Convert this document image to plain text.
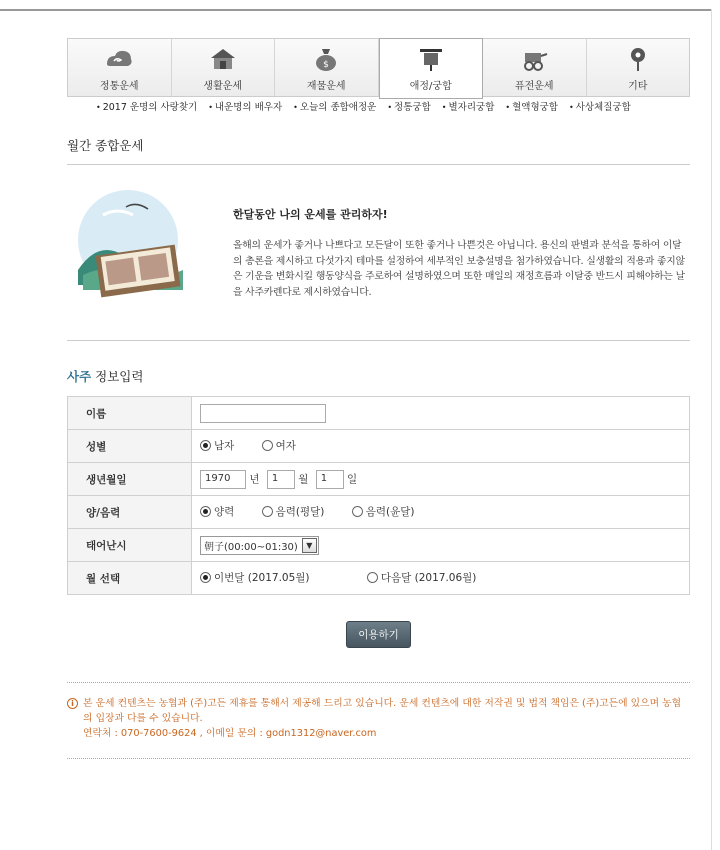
정통운세	생활운세
$
재물운세	애정/궁합	퓨전운세	기타
• 2017 운명의 사랑찾기	• 내운명의 배우자	• 오늘의 종합애정운	• 정통궁합	• 별자리궁합	• 혈액형궁합	• 사상체질궁합
월간 종합운세
한달동안 나의 운세를 관리하자!
올해의 운세가 좋거나 나쁘다고 모든달이 또한 좋거나 나쁜것은 아닙니다. 용신의 판별과 분석을 통하여 이달의 총론을 제시하고 다섯가지 테마를 설정하여 세부적인 보충설명을 첨가하였습니다. 실생활의 적용과 좋지않은 기운을 변화시킬 행동양식을 주로하여 설명하였으며 또한 매일의 재정흐름과 이달중 반드시 피해야하는 날을 사주카렌다로 제시하였습니다.
사주 정보입력
이름	
성별	남자
여자

생년월일	1970 년 1 월 1 일
양/음력	양력
음력(평달)
음력(윤달)

태어난시	朝子(00:00~01:30) ▼

월 선택	이번달 (2017.05월)
다음달 (2017.06월)
이용하기
i 본 운세 컨텐츠는 농협과 (주)고든 제휴를 통해서 제공해 드리고 있습니다. 운세 컨텐츠에 대한 저작권 및 법적 책임은 (주)고든에 있으며 농협의 입장과 다를 수 있습니다.
연락처 : 070-7600-9624 , 이메일 문의 : godn1312@naver.com
